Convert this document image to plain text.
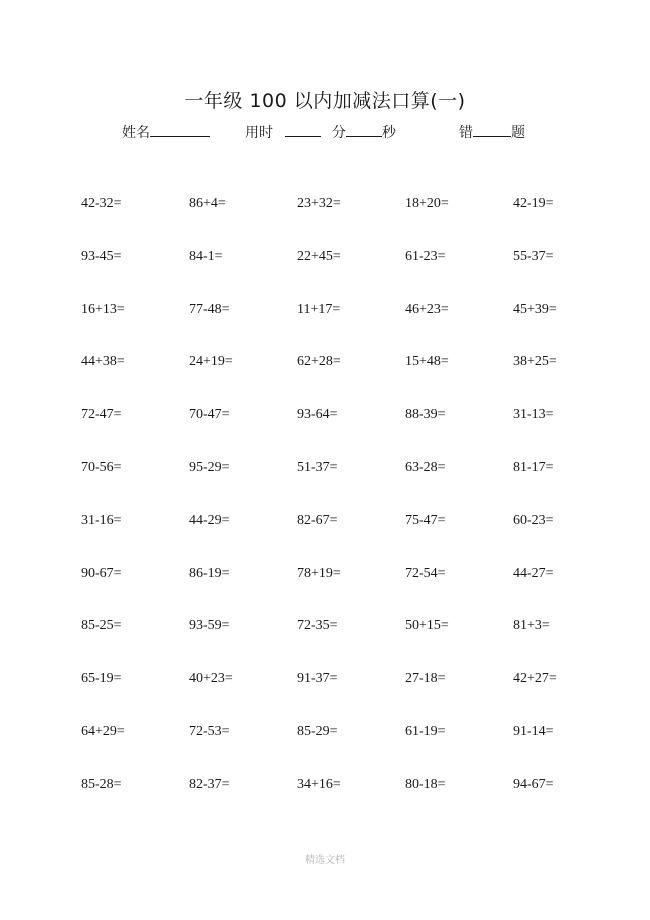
一年级 100 以内加减法口算(一)
姓名	用时	分	秒	错	题
42-32=	86+4=	23+32=	18+20=	42-19=
93-45=	84-1=	22+45=	61-23=	55-37=
16+13=	77-48=	11+17=	46+23=	45+39=
44+38=	24+19=	62+28=	15+48=	38+25=
72-47=	70-47=	93-64=	88-39=	31-13=
70-56=	95-29=	51-37=	63-28=	81-17=
31-16=	44-29=	82-67=	75-47=	60-23=
90-67=	86-19=	78+19=	72-54=	44-27=
85-25=	93-59=	72-35=	50+15=	81+3=
65-19=	40+23=	91-37=	27-18=	42+27=
64+29=	72-53=	85-29=	61-19=	91-14=
85-28=	82-37=	34+16=	80-18=	94-67=
精选文档
